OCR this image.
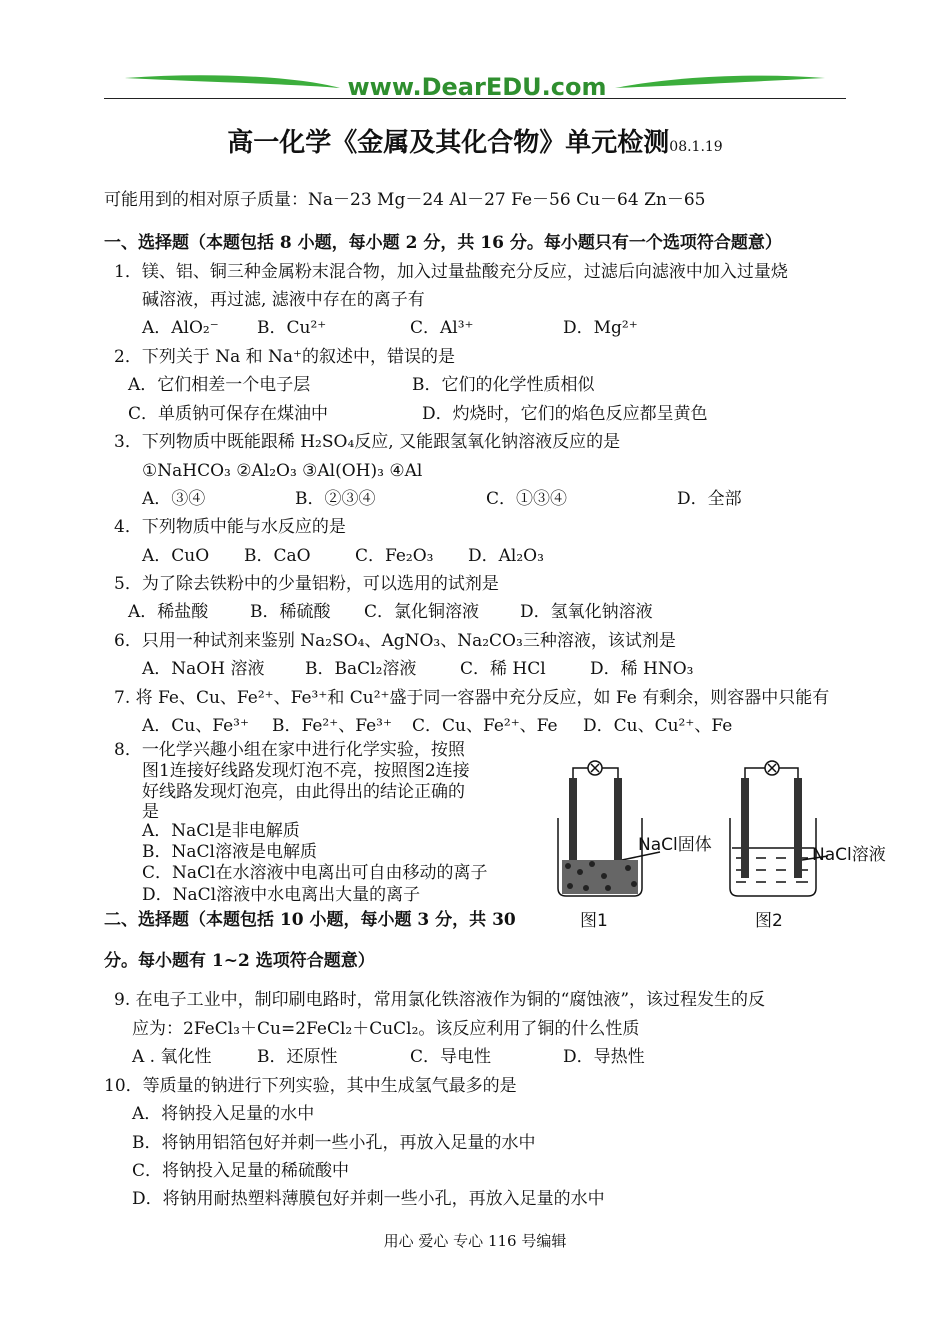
www.DearEDU.com
高一化学《金属及其化合物》单元检测08.1.19
可能用到的相对原子质量：Na－23 Mg－24 Al－27 Fe－56 Cu－64 Zn－65
一、选择题（本题包括 8 小题，每小题 2 分，共 16 分。每小题只有一个选项符合题意）
1．镁、铝、铜三种金属粉末混合物，加入过量盐酸充分反应，过滤后向滤液中加入过量烧
碱溶液，再过滤, 滤液中存在的离子有
A．AlO₂⁻ B．Cu²⁺	C．Al³⁺	D．Mg²⁺
2．下列关于 Na 和 Na⁺的叙述中，错误的是
A．它们相差一个电子层	B．它们的化学性质相似
C．单质钠可保存在煤油中	D．灼烧时，它们的焰色反应都呈黄色
3．下列物质中既能跟稀 H₂SO₄反应, 又能跟氢氧化钠溶液反应的是
①NaHCO₃ ②Al₂O₃ ③Al(OH)₃ ④Al
A．③④	B．②③④	C．①③④	D．全部
4．下列物质中能与水反应的是
A．CuO B．CaO	C．Fe₂O₃ D．Al₂O₃
5．为了除去铁粉中的少量铝粉，可以选用的试剂是
A．稀盐酸 B．稀硫酸 C．氯化铜溶液 D．氢氧化钠溶液
6．只用一种试剂来鉴别 Na₂SO₄、AgNO₃、Na₂CO₃三种溶液，该试剂是
A．NaOH 溶液 B．BaCl₂溶液	C．稀 HCl	D．稀 HNO₃
7. 将 Fe、Cu、Fe²⁺、Fe³⁺和 Cu²⁺盛于同一容器中充分反应，如 Fe 有剩余，则容器中只能有
A．Cu、Fe³⁺ B．Fe²⁺、Fe³⁺ C．Cu、Fe²⁺、Fe D．Cu、Cu²⁺、Fe
8．一化学兴趣小组在家中进行化学实验，按照
图1连接好线路发现灯泡不亮，按照图2连接
好线路发现灯泡亮，由此得出的结论正确的
是
A．NaCl是非电解质
B．NaCl溶液是电解质
C．NaCl在水溶液中电离出可自由移动的离子
D．NaCl溶液中水电离出大量的离子
NaCl固体	NaCl溶液
图1	图2
二、选择题（本题包括 10 小题，每小题 3 分，共 30
分。每小题有 1~2 选项符合题意）
9. 在电子工业中，制印刷电路时，常用氯化铁溶液作为铜的“腐蚀液”，该过程发生的反
应为：2FeCl₃＋Cu=2FeCl₂＋CuCl₂。该反应利用了铜的什么性质
A . 氧化性	B．还原性	C．导电性	D．导热性
10．等质量的钠进行下列实验，其中生成氢气最多的是
A．将钠投入足量的水中
B．将钠用铝箔包好并刺一些小孔，再放入足量的水中
C．将钠投入足量的稀硫酸中
D．将钠用耐热塑料薄膜包好并刺一些小孔，再放入足量的水中
用心 爱心 专心 116 号编辑
